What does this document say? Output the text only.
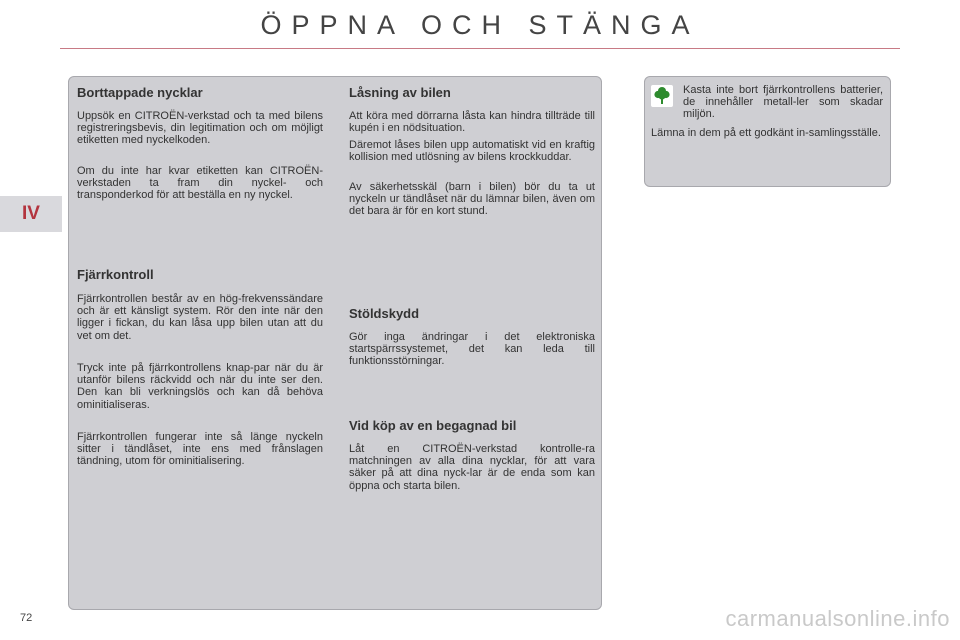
ÖPPNA OCH STÄNGA
IV
Borttappade nycklar

Uppsök en CITROËN-verkstad och ta med bilens registreringsbevis, din legitimation och om möjligt etiketten med nyckelkoden.

Om du inte har kvar etiketten kan CITROËN-verkstaden ta fram din nyckel- och transponderkod för att beställa en ny nyckel.

Fjärrkontroll

Fjärrkontrollen består av en hög-frekvenssändare och är ett känsligt system. Rör den inte när den ligger i fickan, du kan låsa upp bilen utan att du vet om det.

Tryck inte på fjärrkontrollens knap-par när du är utanför bilens räckvidd och när du inte ser den. Den kan bli verkningslös och kan då behöva ominitialiseras.

Fjärrkontrollen fungerar inte så länge nyckeln sitter i tändlåset, inte ens med frånslagen tändning, utom för ominitialisering.

Låsning av bilen

Att köra med dörrarna låsta kan hindra tillträde till kupén i en nödsituation.

Däremot låses bilen upp automatiskt vid en kraftig kollision med utlösning av bilens krockkuddar.

Av säkerhetsskäl (barn i bilen) bör du ta ut nyckeln ur tändlåset när du lämnar bilen, även om det bara är för en kort stund.

Stöldskydd

Gör inga ändringar i det elektroniska startspärrssystemet, det kan leda till funktionsstörningar.

Vid köp av en begagnad bil

Låt en CITROËN-verkstad kontrolle-ra matchningen av alla dina nycklar, för att vara säker på att dina nyck-lar är de enda som kan öppna och starta bilen.

Kasta inte bort fjärrkontrollens batterier, de innehåller metall-ler som skadar miljön.

Lämna in dem på ett godkänt in-samlingsställe.

72	carmanualsonline.info
